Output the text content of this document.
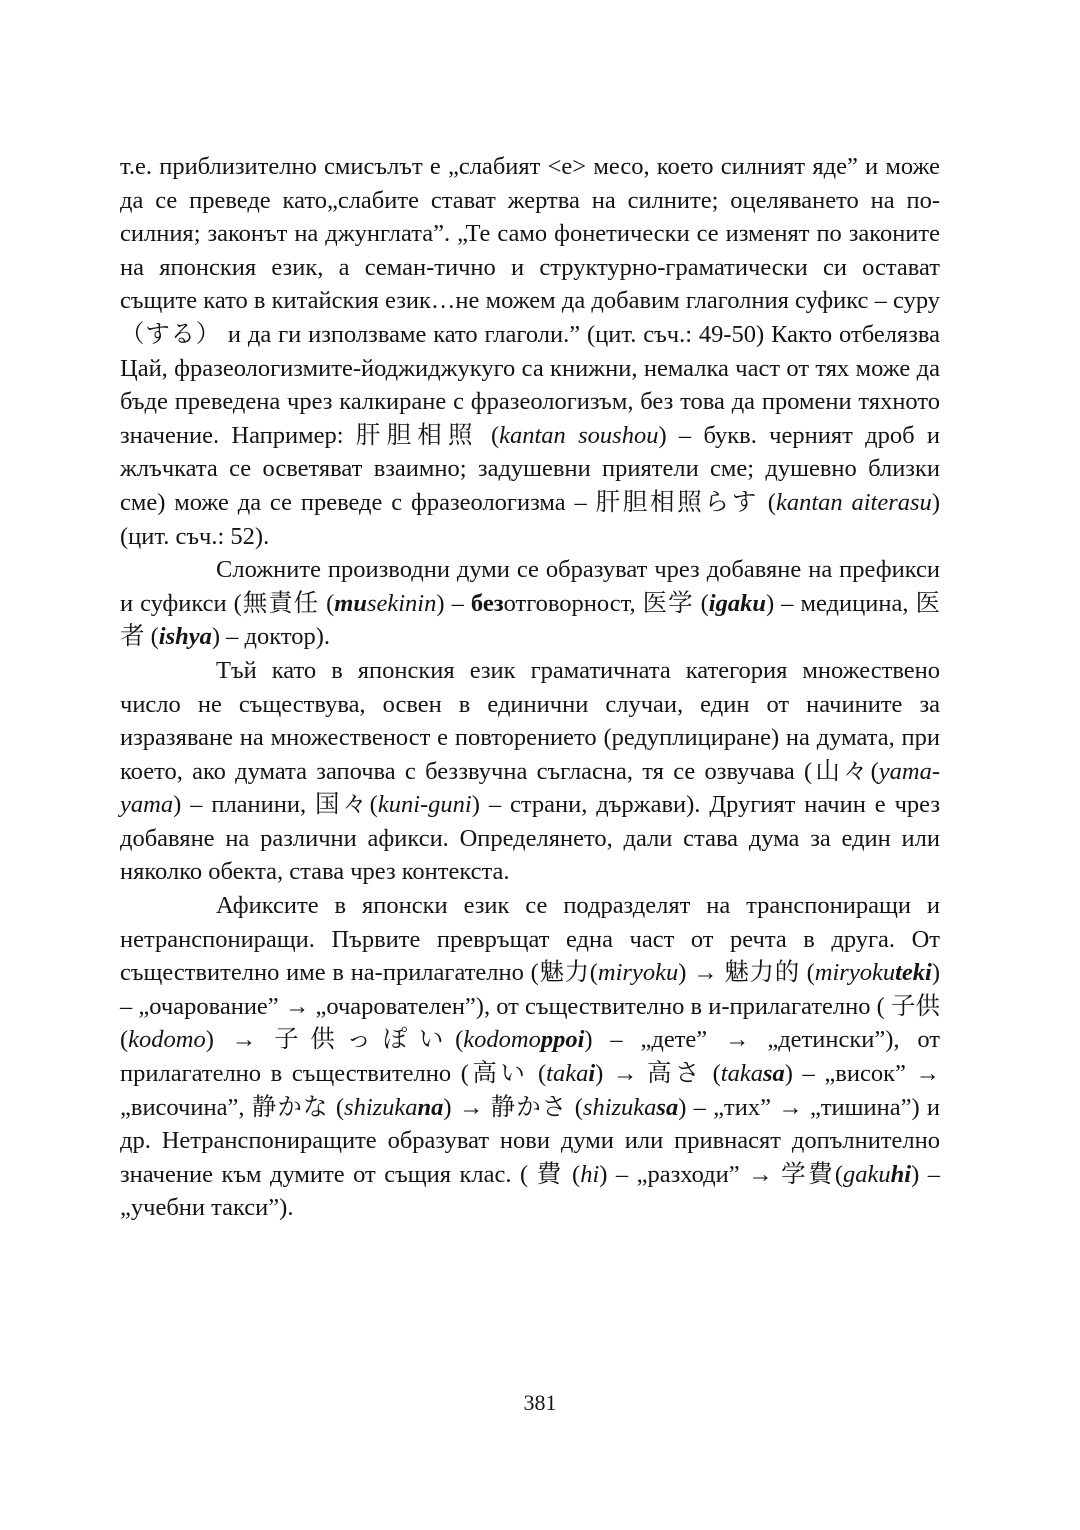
т.е. приблизително смисълът е „слабият <е> месо, което силният яде” и може да се преведе като„слабите стават жертва на силните; оцеляването на по-силния; законът на джунглата”. „Те само фонетически се изменят по законите на японския език, а семан-тично и структурно-граматически си остават същите като в китайския език…не можем да добавим глаголния суфикс – суру （する） и да ги използваме като глаголи.” (цит. съч.: 49-50) Както отбелязва Цай, фразеологизмите-йоджиджукуго са книжни, немалка част от тях може да бъде преведена чрез калкиране с фразеологизъм, без това да промени тяхното значение. Например: 肝胆相照 (kantan soushou) – букв. черният дроб и жлъчката се осветяват взаимно; задушевни приятели сме; душевно близки сме) може да се преведе с фразеологизма – 肝胆相照らす (kantan aiterasu) (цит. съч.: 52).

Сложните производни думи се образуват чрез добавяне на префикси и суфикси (無責任 (musekinin) – безотговорност, 医学 (igaku) – медицина, 医者 (ishya) – доктор).

Тъй като в японския език граматичната категория множествено число не съществува, освен в единични случаи, един от начините за изразяване на множественост е повторението (редуплициране) на думата, при което, ако думата започва с беззвучна съгласна, тя се озвучава (山々(yama-yama) – планини, 国々(kuni-guni) – страни, държави). Другият начин е чрез добавяне на различни афикси. Определянето, дали става дума за един или няколко обекта, става чрез контекста.

Афиксите в японски език се подразделят на транспониращи и нетранспониращи. Първите превръщат една част от речта в друга. От съществително име в на-прилагателно (魅力(miryoku) → 魅力的 (miryokuteki) – „очарование” → „очарователен”), от съществително в и-прилагателно ( 子供(kodomo) → 子供っぽい(kodomoppoi) – „дете” → „детински”), от прилагателно в съществително (高い (takai) → 高さ (takasa) – „висок” → „височина”, 静かな (shizukana) → 静かさ (shizukasa) – „тих” → „тишина”) и др. Нетранспониращите образуват нови думи или привнасят допълнително значение към думите от същия клас. ( 費 (hi) – „разходи” → 学費(gakuhi) – „учебни такси”).

381
